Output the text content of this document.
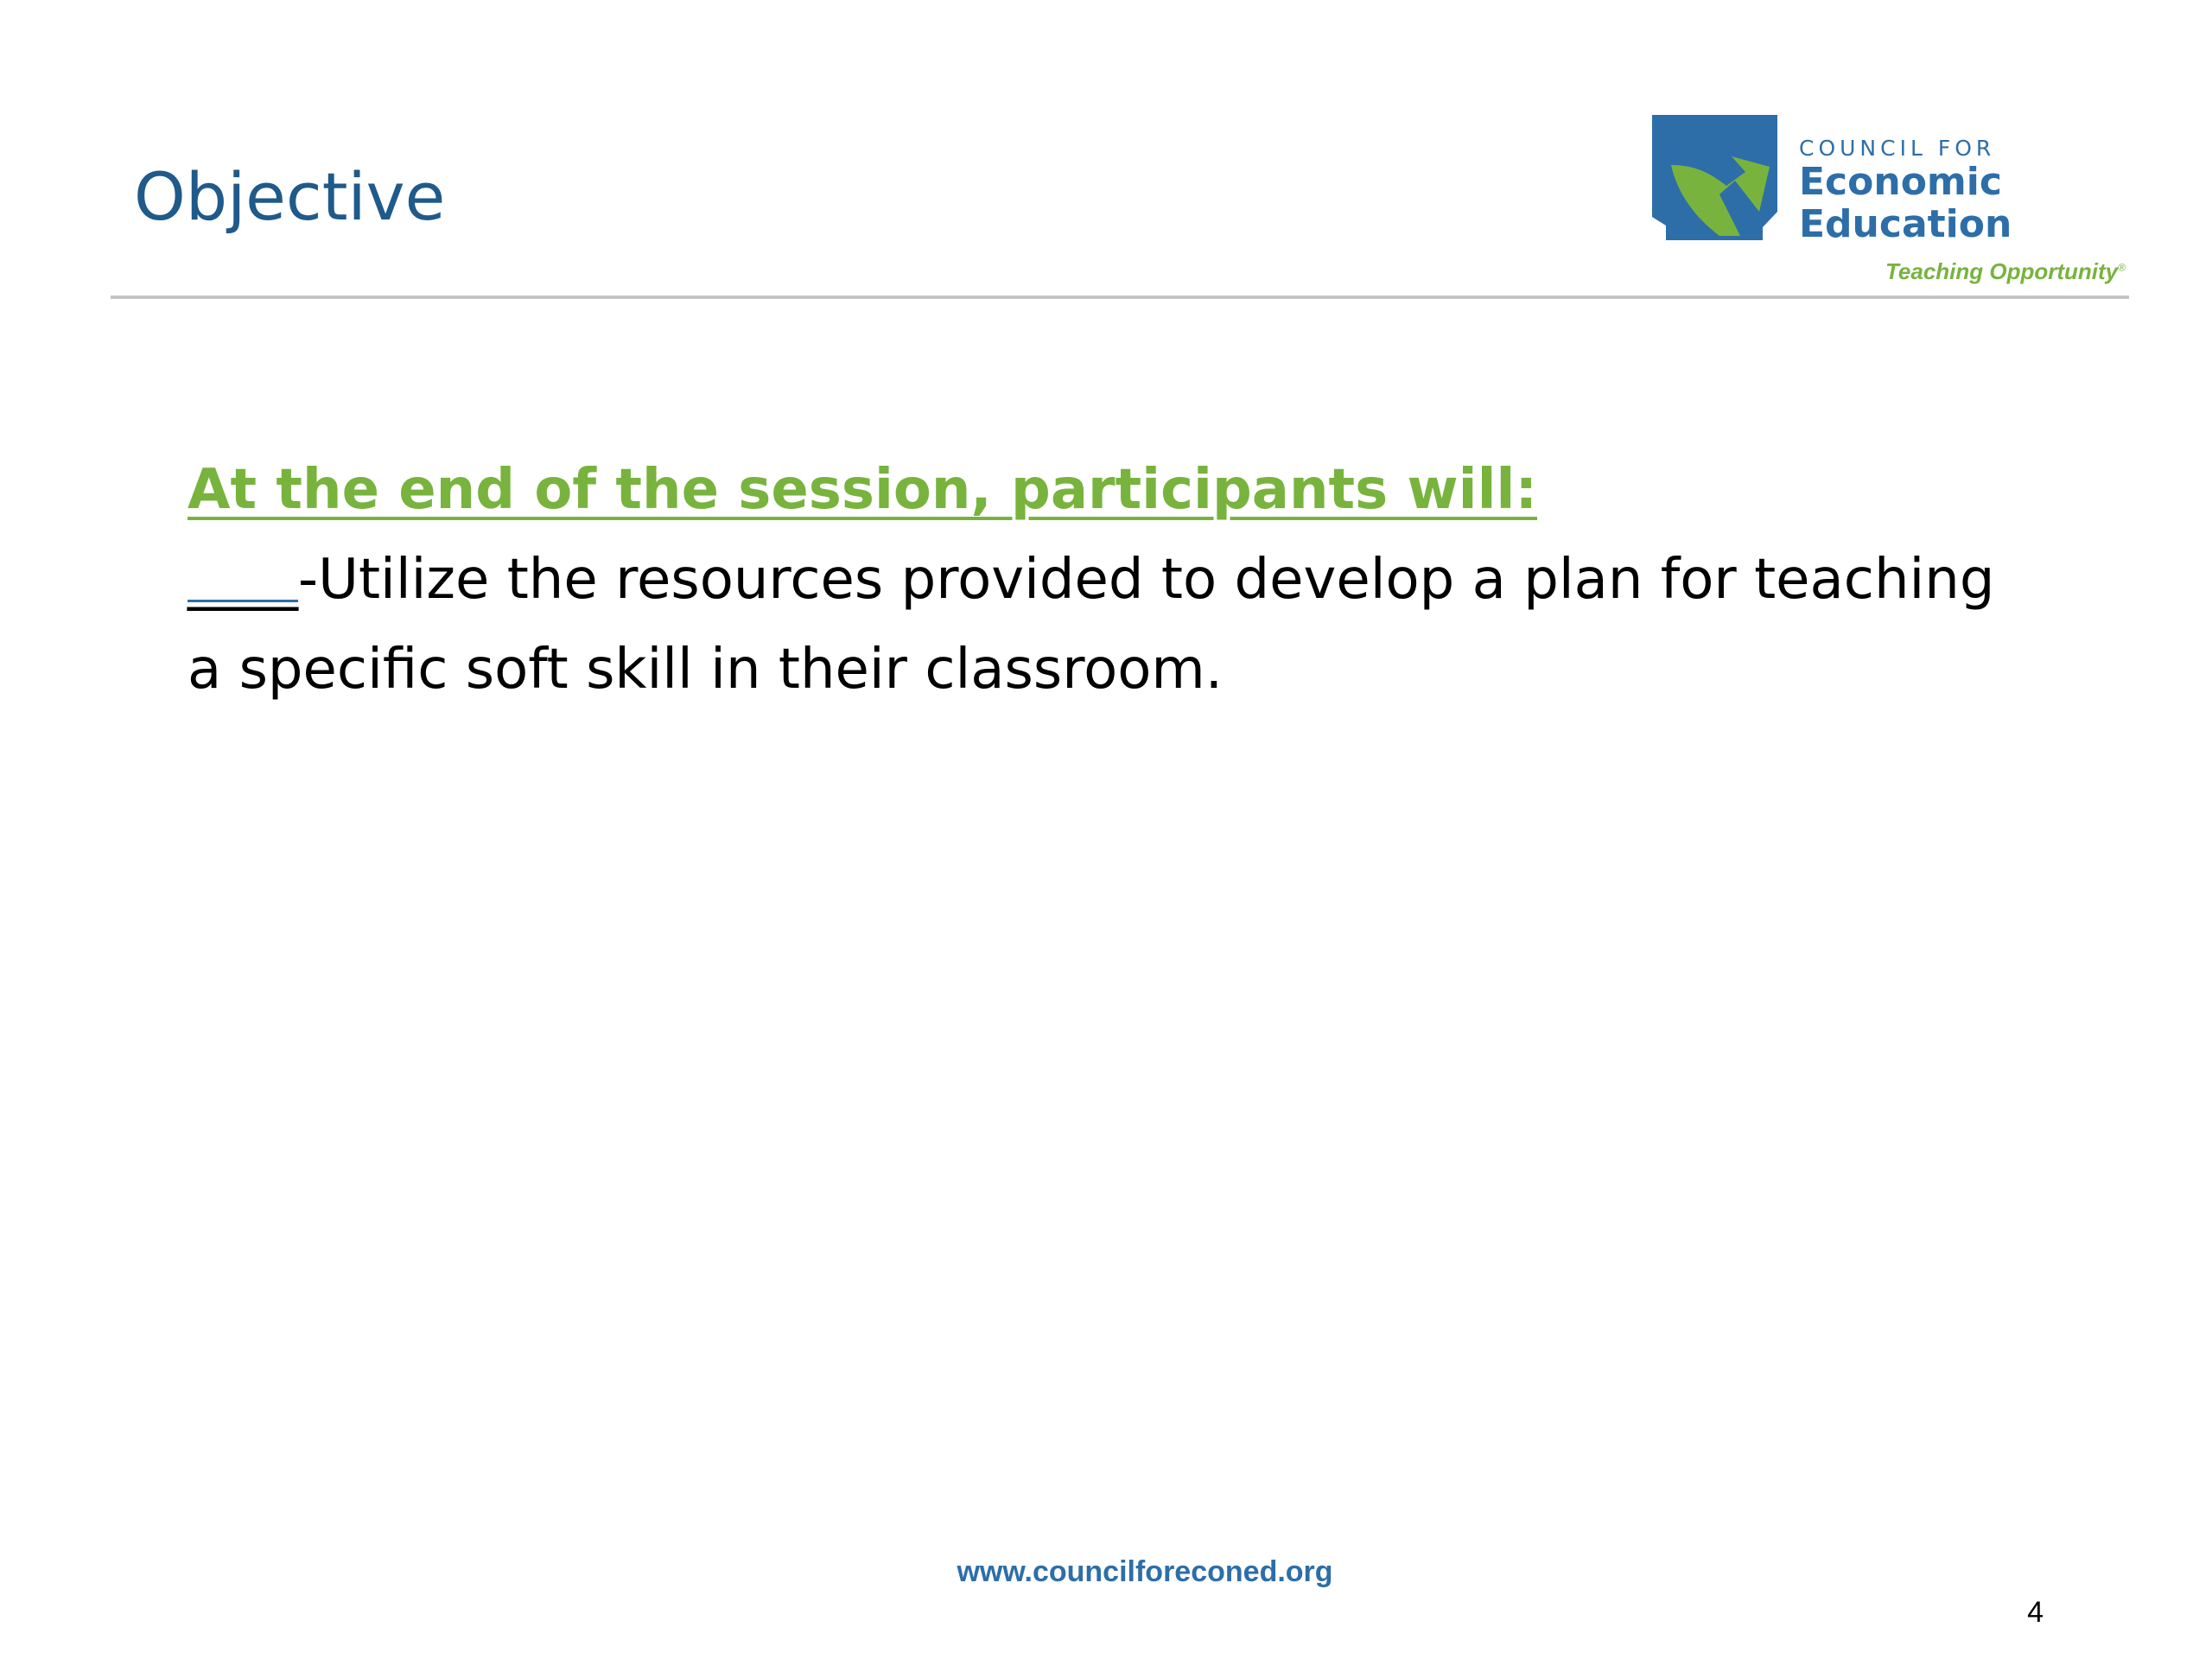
Objective
COUNCIL FOR
Economic
Education
Teaching Opportunity®
At the end of the session, participants will:
____-Utilize the resources provided to develop a plan for teaching a specific soft skill in their classroom.
www.councilforeconed.org
4
